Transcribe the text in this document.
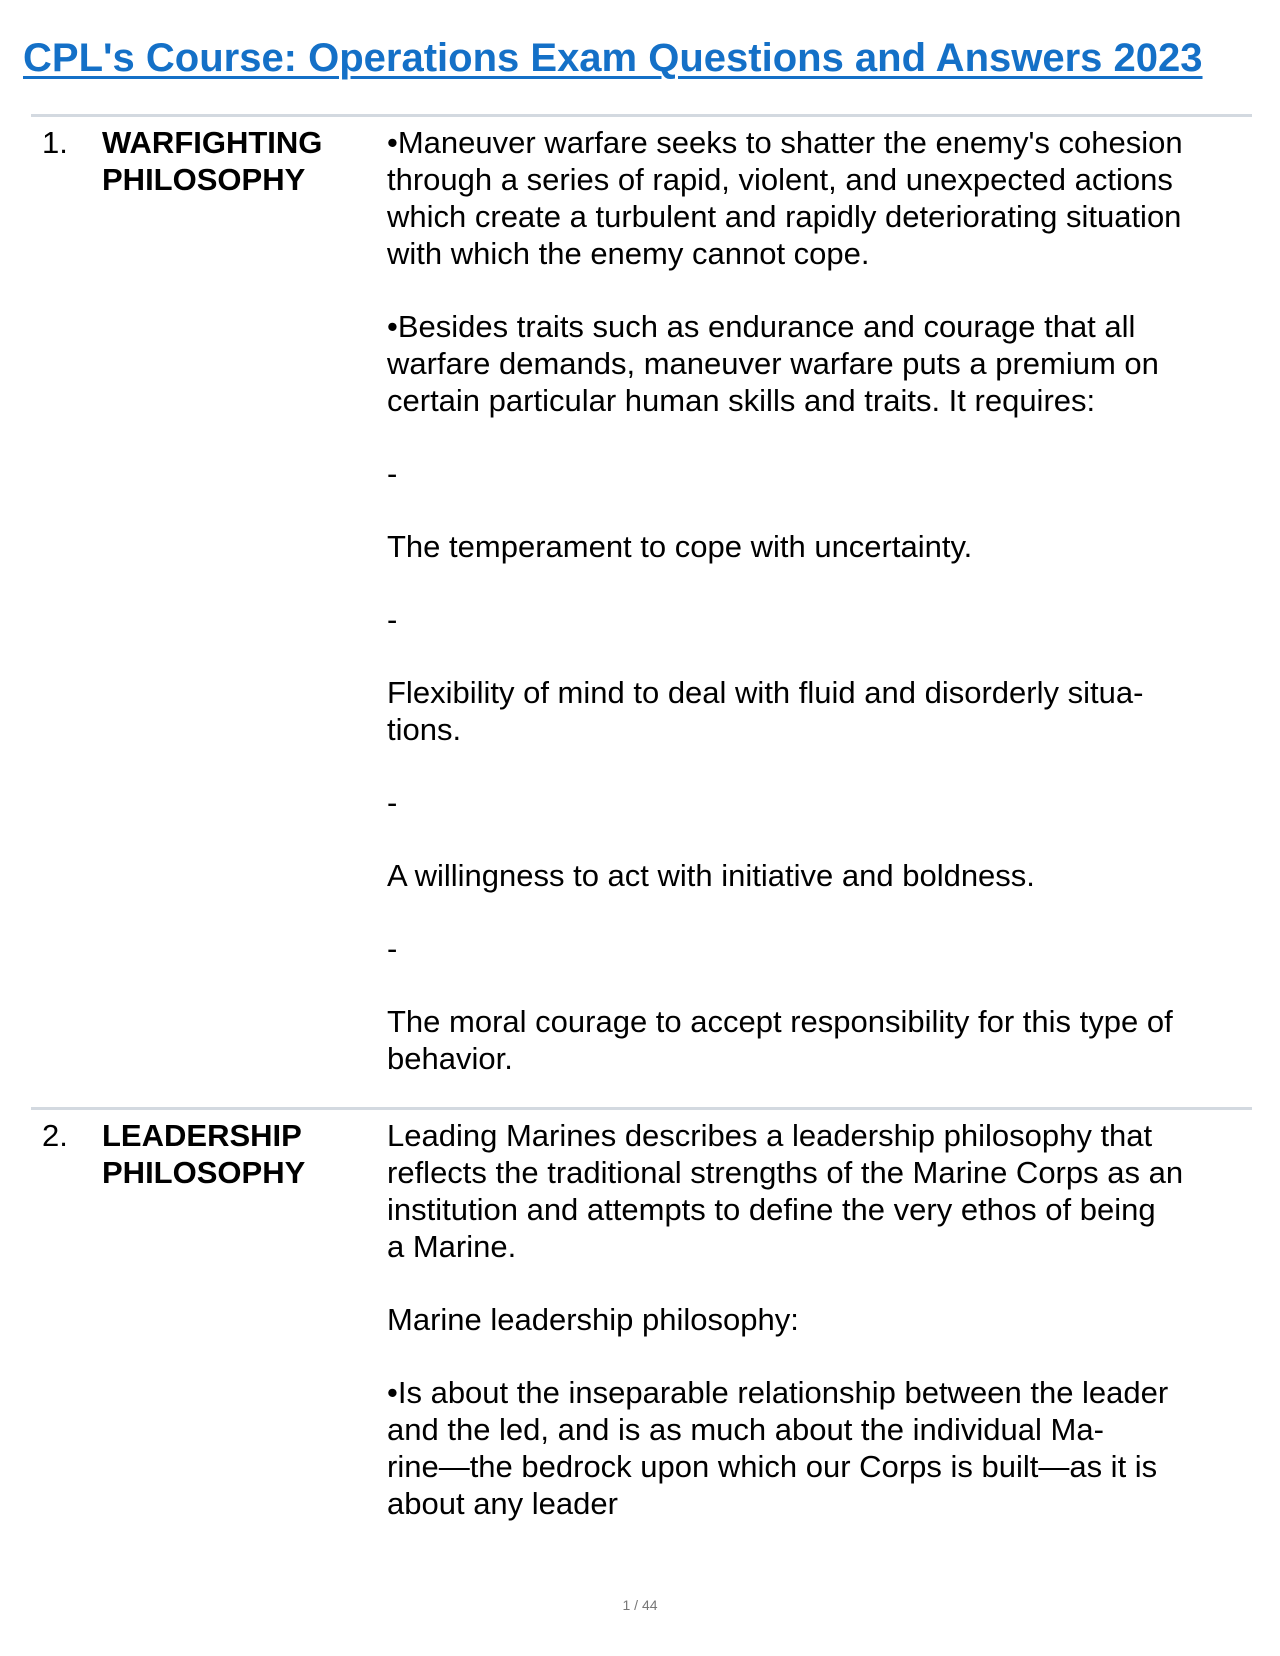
CPL's Course: Operations Exam Questions and Answers 2023
1. WARFIGHTING
PHILOSOPHY

•Maneuver warfare seeks to shatter the enemy's cohesion
through a series of rapid, violent, and unexpected actions
which create a turbulent and rapidly deteriorating situation
with which the enemy cannot cope.

•Besides traits such as endurance and courage that all
warfare demands, maneuver warfare puts a premium on
certain particular human skills and traits. It requires:

-

The temperament to cope with uncertainty.

-

Flexibility of mind to deal with fluid and disorderly situa-
tions.

-

A willingness to act with initiative and boldness.

-

The moral courage to accept responsibility for this type of
behavior.

2. LEADERSHIP
PHILOSOPHY

Leading Marines describes a leadership philosophy that
reflects the traditional strengths of the Marine Corps as an
institution and attempts to define the very ethos of being
a Marine.

Marine leadership philosophy:

•Is about the inseparable relationship between the leader
and the led, and is as much about the individual Ma-
rine—the bedrock upon which our Corps is built—as it is
about any leader

1 / 44
